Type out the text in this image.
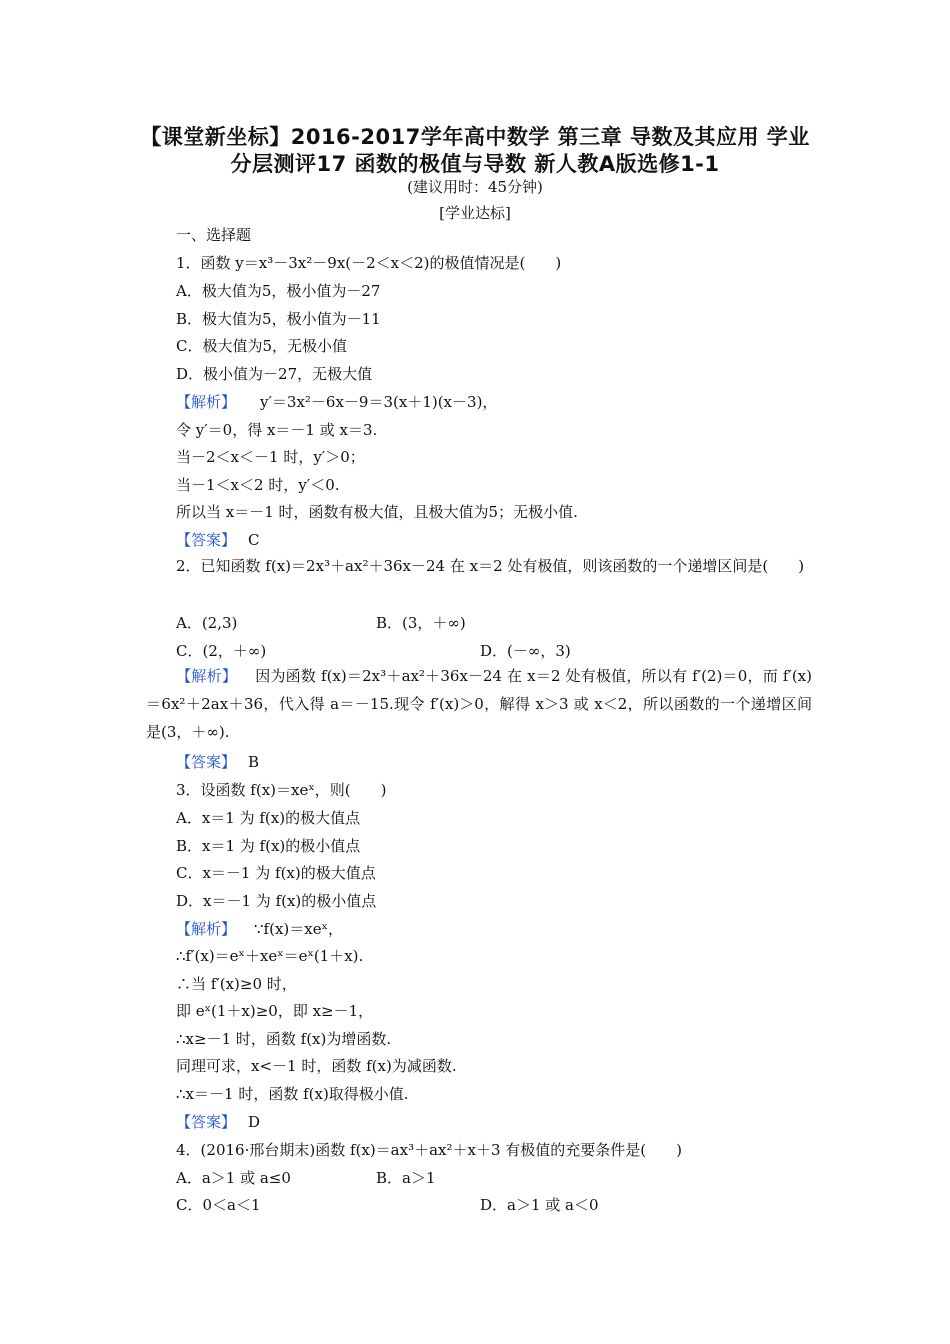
【课堂新坐标】2016-2017学年高中数学 第三章 导数及其应用 学业分层测评17 函数的极值与导数 新人教A版选修1-1
(建议用时：45分钟)
[学业达标]
一、选择题
1．函数 y＝x³－3x²－9x(－2＜x＜2)的极值情况是(　　)
A．极大值为5，极小值为－27
B．极大值为5，极小值为－11
C．极大值为5，无极小值
D．极小值为－27，无极大值
【解析】 y′＝3x²－6x－9＝3(x＋1)(x－3)，
令 y′＝0，得 x＝－1 或 x＝3.
当－2＜x＜－1 时，y′＞0；
当－1＜x＜2 时，y′＜0.
所以当 x＝－1 时，函数有极大值，且极大值为5；无极小值.
【答案】 C
2．已知函数 f(x)＝2x³＋ax²＋36x－24 在 x＝2 处有极值，则该函数的一个递增区间是(　　)
A．(2,3)	B．(3，＋∞)
C．(2，＋∞)	D．(－∞，3)
【解析】 因为函数 f(x)＝2x³＋ax²＋36x－24 在 x＝2 处有极值，所以有 f′(2)＝0，而 f′(x)＝6x²＋2ax＋36，代入得 a＝－15.现令 f′(x)＞0，解得 x＞3 或 x＜2，所以函数的一个递增区间是(3，＋∞).
【答案】 B
3．设函数 f(x)＝xeˣ，则(　　)
A．x＝1 为 f(x)的极大值点
B．x＝1 为 f(x)的极小值点
C．x＝－1 为 f(x)的极大值点
D．x＝－1 为 f(x)的极小值点
【解析】 ∵f(x)＝xeˣ，
∴f′(x)＝eˣ＋xeˣ＝eˣ(1＋x).
∴当 f′(x)≥0 时，
即 eˣ(1＋x)≥0，即 x≥－1，
∴x≥－1 时，函数 f(x)为增函数.
同理可求，x<－1 时，函数 f(x)为减函数.
∴x＝－1 时，函数 f(x)取得极小值.
【答案】 D
4．(2016·邢台期末)函数 f(x)＝ax³＋ax²＋x＋3 有极值的充要条件是(　　)
A．a＞1 或 a≤0	B．a＞1
C．0＜a＜1	D．a＞1 或 a＜0
